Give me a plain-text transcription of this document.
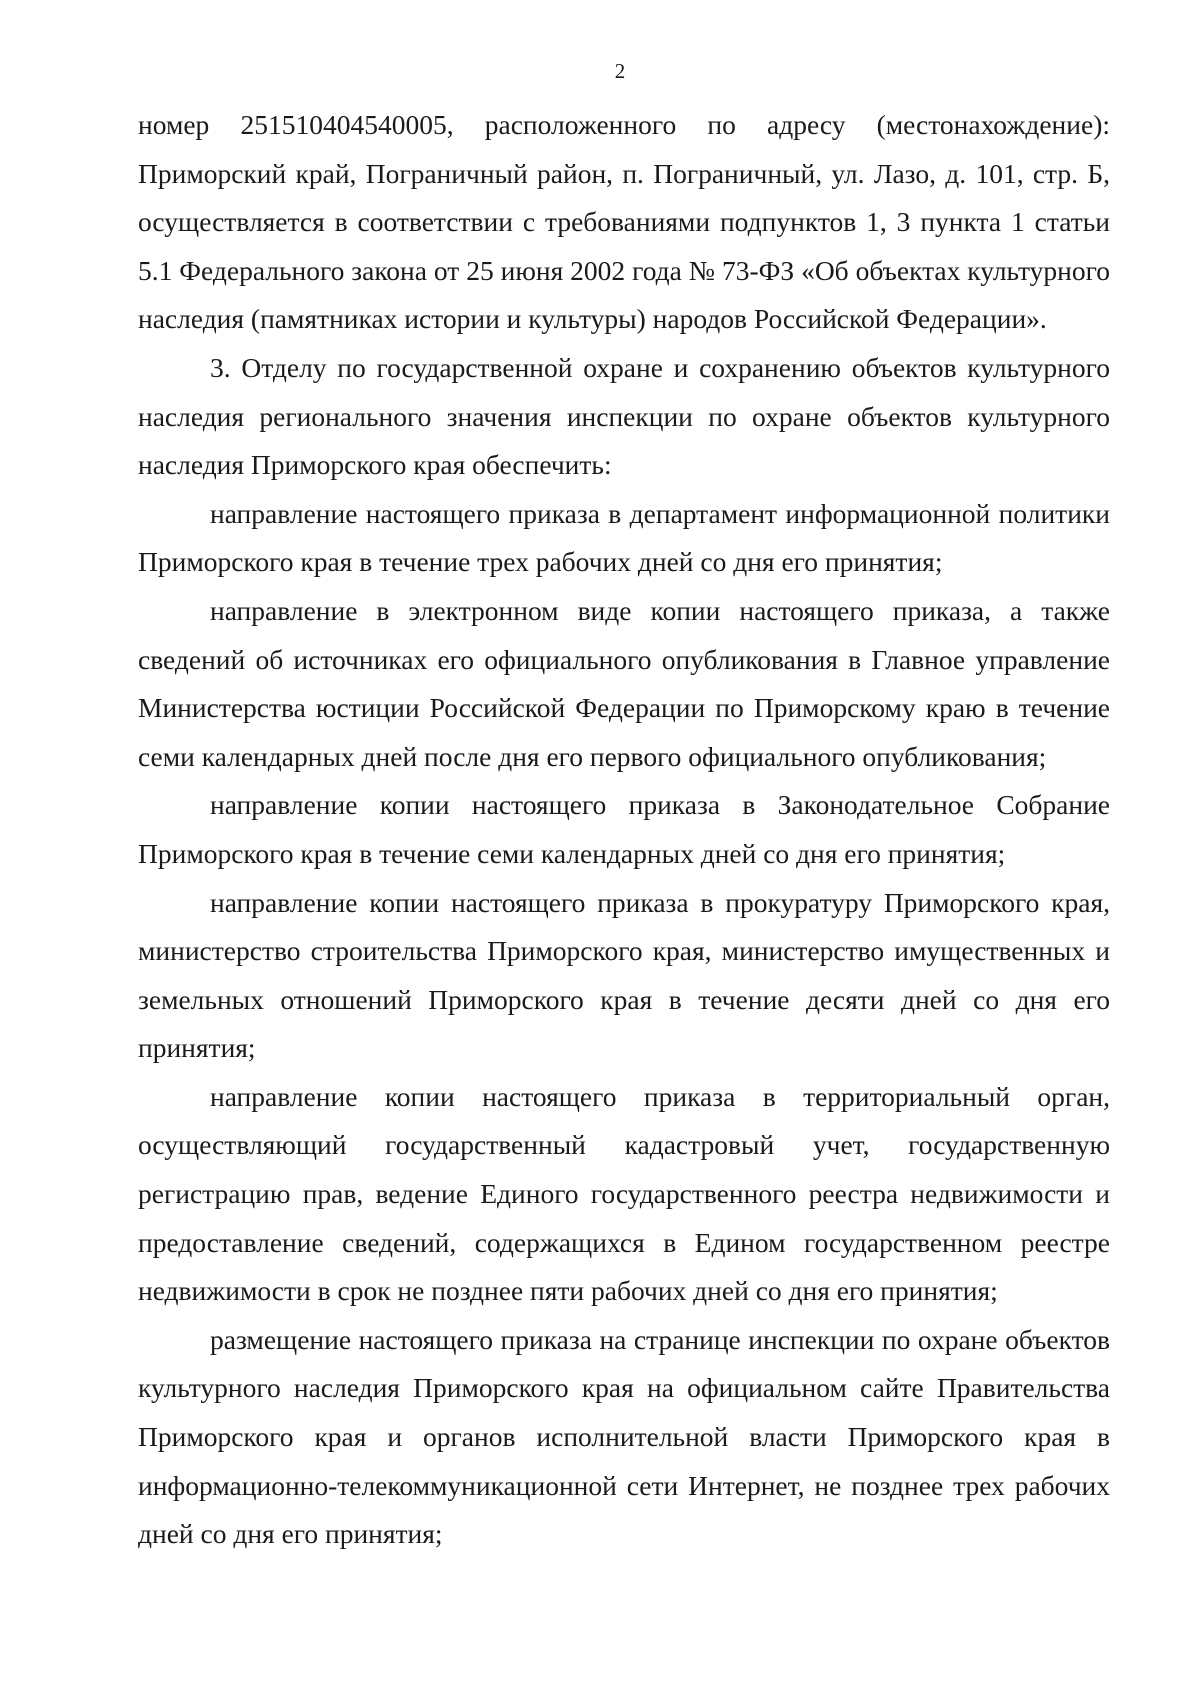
2

номер 251510404540005, расположенного по адресу (местонахождение): Приморский край, Пограничный район, п. Пограничный, ул. Лазо, д. 101, стр. Б, осуществляется в соответствии с требованиями подпунктов 1, 3 пункта 1 статьи 5.1 Федерального закона от 25 июня 2002 года № 73-ФЗ «Об объектах культурного наследия (памятниках истории и культуры) народов Российской Федерации».

3. Отделу по государственной охране и сохранению объектов культурного наследия регионального значения инспекции по охране объектов культурного наследия Приморского края обеспечить:

направление настоящего приказа в департамент информационной политики Приморского края в течение трех рабочих дней со дня его принятия;

направление в электронном виде копии настоящего приказа, а также сведений об источниках его официального опубликования в Главное управление Министерства юстиции Российской Федерации по Приморскому краю в течение семи календарных дней после дня его первого официального опубликования;

направление копии настоящего приказа в Законодательное Собрание Приморского края в течение семи календарных дней со дня его принятия;

направление копии настоящего приказа в прокуратуру Приморского края, министерство строительства Приморского края, министерство имущественных и земельных отношений Приморского края в течение десяти дней со дня его принятия;

направление копии настоящего приказа в территориальный орган, осуществляющий государственный кадастровый учет, государственную регистрацию прав, ведение Единого государственного реестра недвижимости и предоставление сведений, содержащихся в Едином государственном реестре недвижимости в срок не позднее пяти рабочих дней со дня его принятия;

размещение настоящего приказа на странице инспекции по охране объектов культурного наследия Приморского края на официальном сайте Правительства Приморского края и органов исполнительной власти Приморского края в информационно-телекоммуникационной сети Интернет, не позднее трех рабочих дней со дня его принятия;
